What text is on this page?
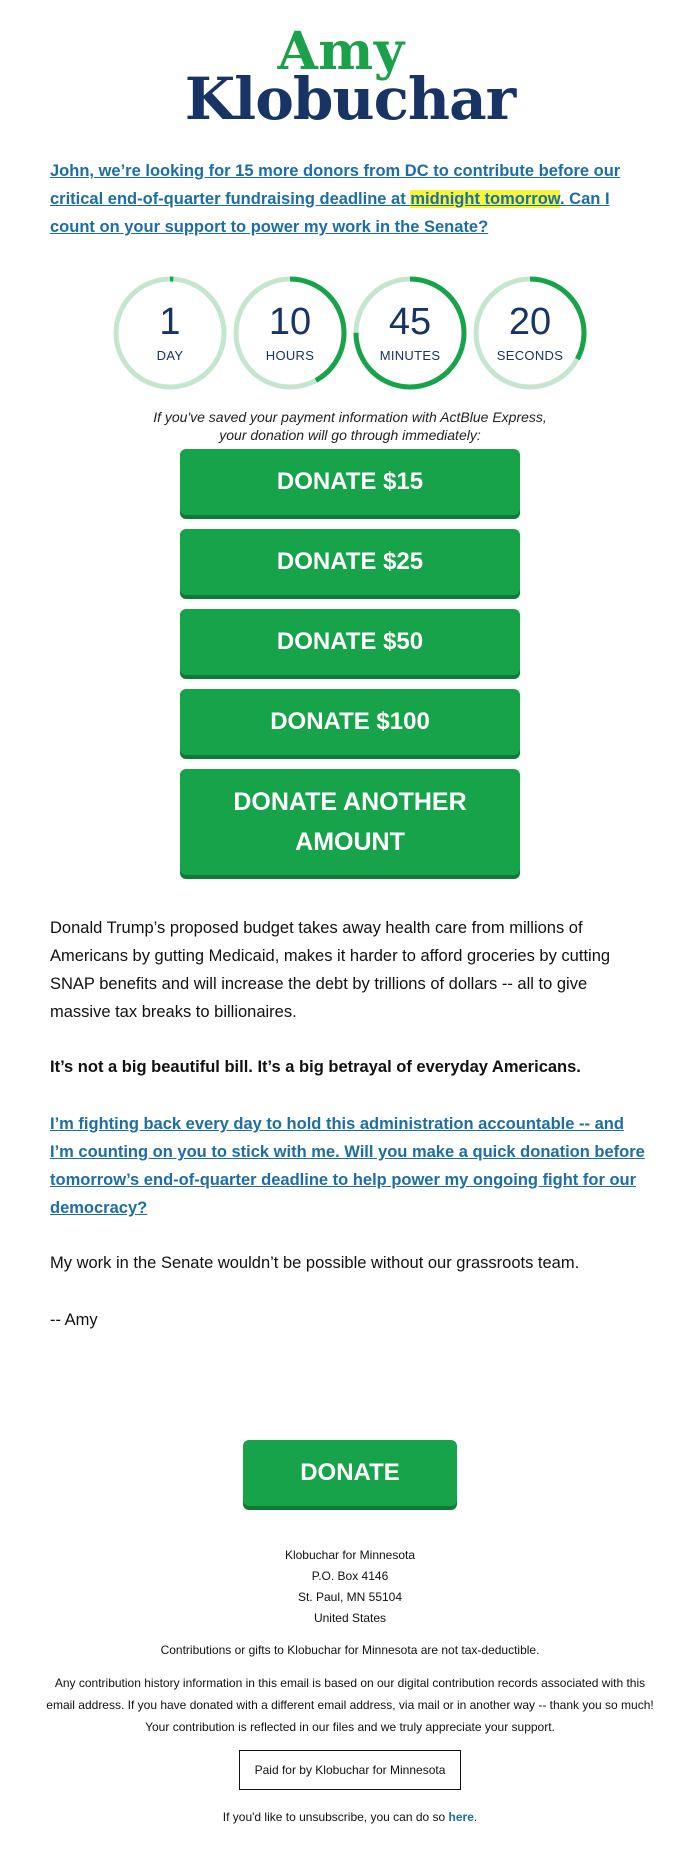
Amy
Klobuchar
John, we’re looking for 15 more donors from DC to contribute before our critical end-of-quarter fundraising deadline at midnight tomorrow. Can I count on your support to power my work in the Senate?
1
DAY
10
HOURS
45
MINUTES
20
SECONDS
If you've saved your payment information with ActBlue Express,
your donation will go through immediately:
DONATE $15
DONATE $25
DONATE $50
DONATE $100
DONATE ANOTHER
AMOUNT
Donald Trump’s proposed budget takes away health care from millions of Americans by gutting Medicaid, makes it harder to afford groceries by cutting SNAP benefits and will increase the debt by trillions of dollars -- all to give massive tax breaks to billionaires.
It’s not a big beautiful bill. It’s a big betrayal of everyday Americans.
I’m fighting back every day to hold this administration accountable -- and I’m counting on you to stick with me. Will you make a quick donation before tomorrow’s end-of-quarter deadline to help power my ongoing fight for our democracy?
My work in the Senate wouldn’t be possible without our grassroots team.
-- Amy
DONATE
Klobuchar for Minnesota
P.O. Box 4146
St. Paul, MN 55104
United States
Contributions or gifts to Klobuchar for Minnesota are not tax-deductible.
Any contribution history information in this email is based on our digital contribution records associated with this email address. If you have donated with a different email address, via mail or in another way -- thank you so much! Your contribution is reflected in our files and we truly appreciate your support.
Paid for by Klobuchar for Minnesota
If you'd like to unsubscribe, you can do so here.
